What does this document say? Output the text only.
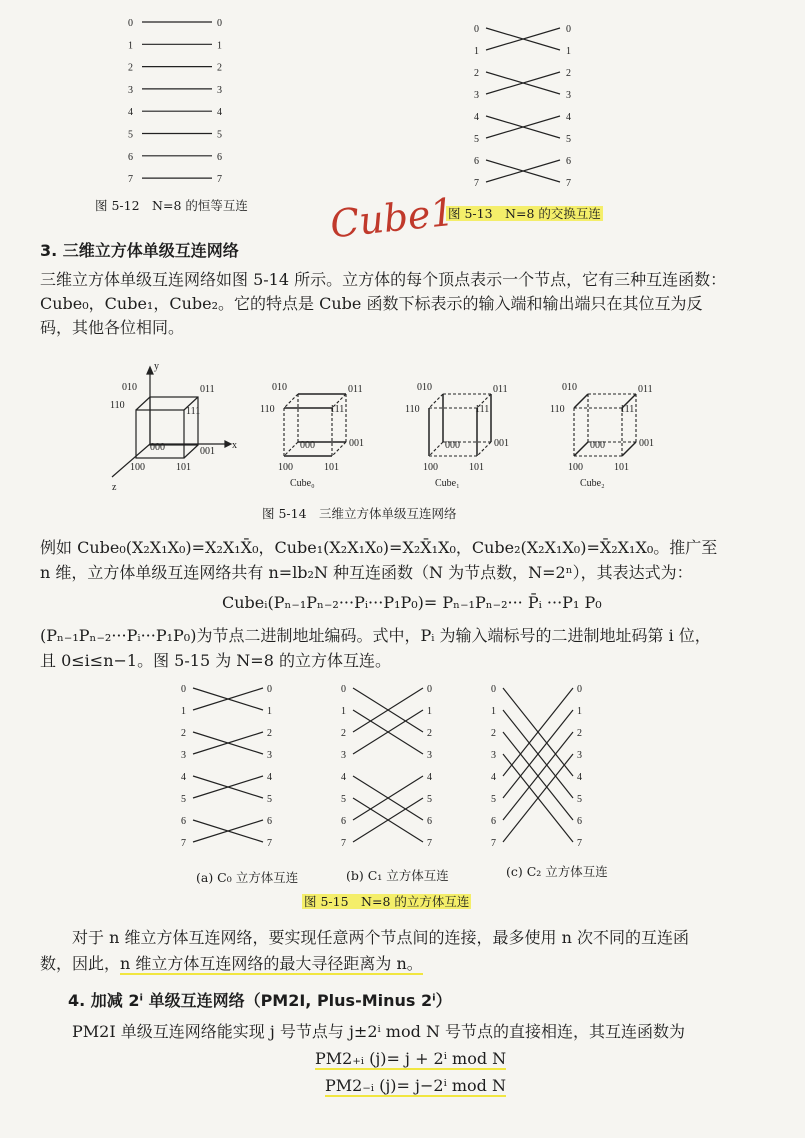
0	0
1	1
2	2
3	3
4	4
5	5
6	6
7	7
图 5-12　N=8 的恒等互连
0	0
1	1
2	2
3	3
4	4
5	5
6	6
7	7
图 5-13　N=8 的交换互连
Cube1
3. 三维立方体单级互连网络
三维立方体单级互连网络如图 5-14 所示。立方体的每个顶点表示一个节点，它有三种互连函数：Cube₀，Cube₁，Cube₂。它的特点是 Cube 函数下标表示的输入端和输出端只在其位互为反码，其他各位相同。
x
y
z
010	011
110
111
000	001
100	101
010	011
110	111
000	001
100	101
Cube₀
010	011
110	111
000	001
100	101
Cube₁
010	011
110	111
000	001
100	101
Cube₂
图 5-14　三维立方体单级互连网络
例如 Cube₀(X₂X₁X₀)=X₂X₁X̄₀，Cube₁(X₂X₁X₀)=X₂X̄₁X₀，Cube₂(X₂X₁X₀)=X̄₂X₁X₀。推广至
n 维，立方体单级互连网络共有 n=lb₂N 种互连函数（N 为节点数，N=2ⁿ），其表达式为：
Cubeᵢ(Pₙ₋₁Pₙ₋₂···Pᵢ···P₁P₀)= Pₙ₋₁Pₙ₋₂··· P̄ᵢ ···P₁ P₀
(Pₙ₋₁Pₙ₋₂···Pᵢ···P₁P₀)为节点二进制地址编码。式中，Pᵢ 为输入端标号的二进制地址码第 i 位，
且 0≤i≤n−1。图 5-15 为 N=8 的立方体互连。
0	0
1	1
2	2
3	3
4	4
5	5
6	6
7	7
0	0
1	1
2	2
3	3
4	4
5	5
6	6
7	7
0	0
1	1
2	2
3	3
4	4
5	5
6	6
7	7
(a) C₀ 立方体互连	(b) C₁ 立方体互连	(c) C₂ 立方体互连
图 5-15　N=8 的立方体互连
对于 n 维立方体互连网络，要实现任意两个节点间的连接，最多使用 n 次不同的互连函
数，因此，n 维立方体互连网络的最大寻径距离为 n。
4. 加减 2ⁱ 单级互连网络（PM2I, Plus-Minus 2ⁱ）
PM2I 单级互连网络能实现 j 号节点与 j±2ⁱ mod N 号节点的直接相连，其互连函数为
PM2₊ᵢ (j)= j + 2ⁱ mod N
PM2₋ᵢ (j)= j−2ⁱ mod N
